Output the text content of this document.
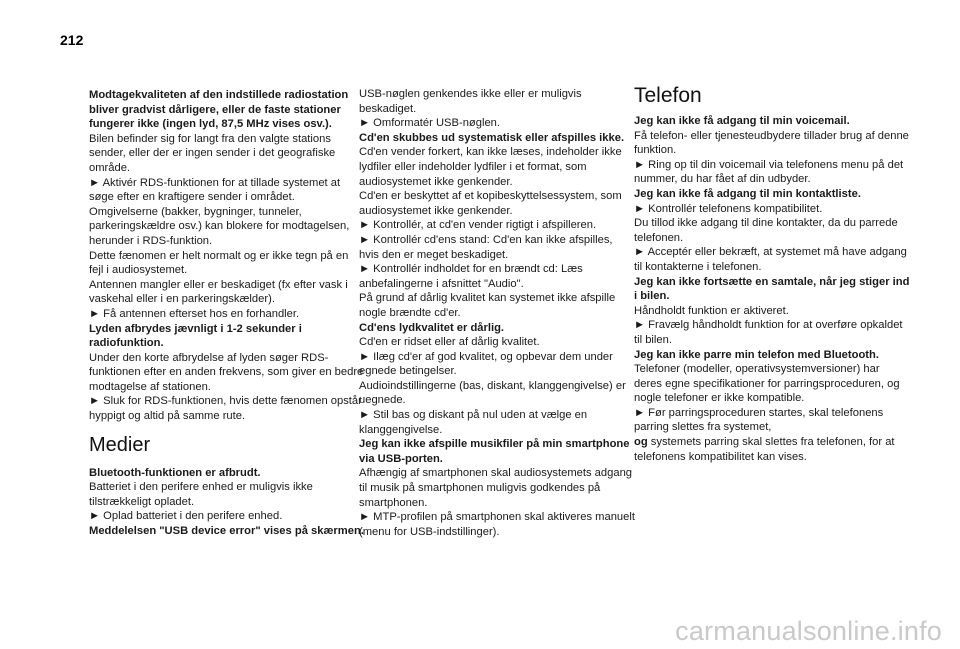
212

Modtagekvaliteten af den indstillede radiostation bliver gradvist dårligere, eller de faste stationer fungerer ikke (ingen lyd, 87,5 MHz vises osv.).

Bilen befinder sig for langt fra den valgte stations sender, eller der er ingen sender i det geografiske område.
► Aktivér RDS-funktionen for at tillade systemet at søge efter en kraftigere sender i området.
Omgivelserne (bakker, bygninger, tunneler, parkeringskældre osv.) kan blokere for modtagelsen, herunder i RDS-funktion.
Dette fænomen er helt normalt og er ikke tegn på en fejl i audiosystemet.
Antennen mangler eller er beskadiget (fx efter vask i vaskehal eller i en parkeringskælder).
► Få antennen efterset hos en forhandler.

Lyden afbrydes jævnligt i 1-2 sekunder i radiofunktion.

Under den korte afbrydelse af lyden søger RDS-funktionen efter en anden frekvens, som giver en bedre modtagelse af stationen.
► Sluk for RDS-funktionen, hvis dette fænomen opstår hyppigt og altid på samme rute.

Medier

Bluetooth-funktionen er afbrudt.

Batteriet i den perifere enhed er muligvis ikke tilstrækkeligt opladet.
► Oplad batteriet i den perifere enhed.

Meddelelsen "USB device error" vises på skærmen.

USB-nøglen genkendes ikke eller er muligvis beskadiget.
► Omformatér USB-nøglen.

Cd'en skubbes ud systematisk eller afspilles ikke.

Cd'en vender forkert, kan ikke læses, indeholder ikke lydfiler eller indeholder lydfiler i et format, som audiosystemet ikke genkender.
Cd'en er beskyttet af et kopibeskyttelsessystem, som audiosystemet ikke genkender.
► Kontrollér, at cd'en vender rigtigt i afspilleren.
► Kontrollér cd'ens stand: Cd'en kan ikke afspilles, hvis den er meget beskadiget.
► Kontrollér indholdet for en brændt cd: Læs anbefalingerne i afsnittet "Audio".
På grund af dårlig kvalitet kan systemet ikke afspille nogle brændte cd'er.

Cd'ens lydkvalitet er dårlig.

Cd'en er ridset eller af dårlig kvalitet.
► Ilæg cd'er af god kvalitet, og opbevar dem under egnede betingelser.
Audioindstillingerne (bas, diskant, klanggengivelse) er uegnede.
► Stil bas og diskant på nul uden at vælge en klanggengivelse.

Jeg kan ikke afspille musikfiler på min smartphone via USB-porten.

Afhængig af smartphonen skal audiosystemets adgang til musik på smartphonen muligvis godkendes på smartphonen.
► MTP-profilen på smartphonen skal aktiveres manuelt (menu for USB-indstillinger).

Telefon

Jeg kan ikke få adgang til min voicemail.

Få telefon- eller tjenesteudbydere tillader brug af denne funktion.
► Ring op til din voicemail via telefonens menu på det nummer, du har fået af din udbyder.

Jeg kan ikke få adgang til min kontaktliste.

► Kontrollér telefonens kompatibilitet.
Du tillod ikke adgang til dine kontakter, da du parrede telefonen.
► Acceptér eller bekræft, at systemet må have adgang til kontakterne i telefonen.

Jeg kan ikke fortsætte en samtale, når jeg stiger ind i bilen.

Håndholdt funktion er aktiveret.
► Fravælg håndholdt funktion for at overføre opkaldet til bilen.

Jeg kan ikke parre min telefon med Bluetooth.

Telefoner (modeller, operativsystemversioner) har deres egne specifikationer for parringsproceduren, og nogle telefoner er ikke kompatible.
► Før parringsproceduren startes, skal telefonens parring slettes fra systemet,

og systemets parring skal slettes fra telefonen, for at telefonens kompatibilitet kan vises.

carmanualsonline.info
